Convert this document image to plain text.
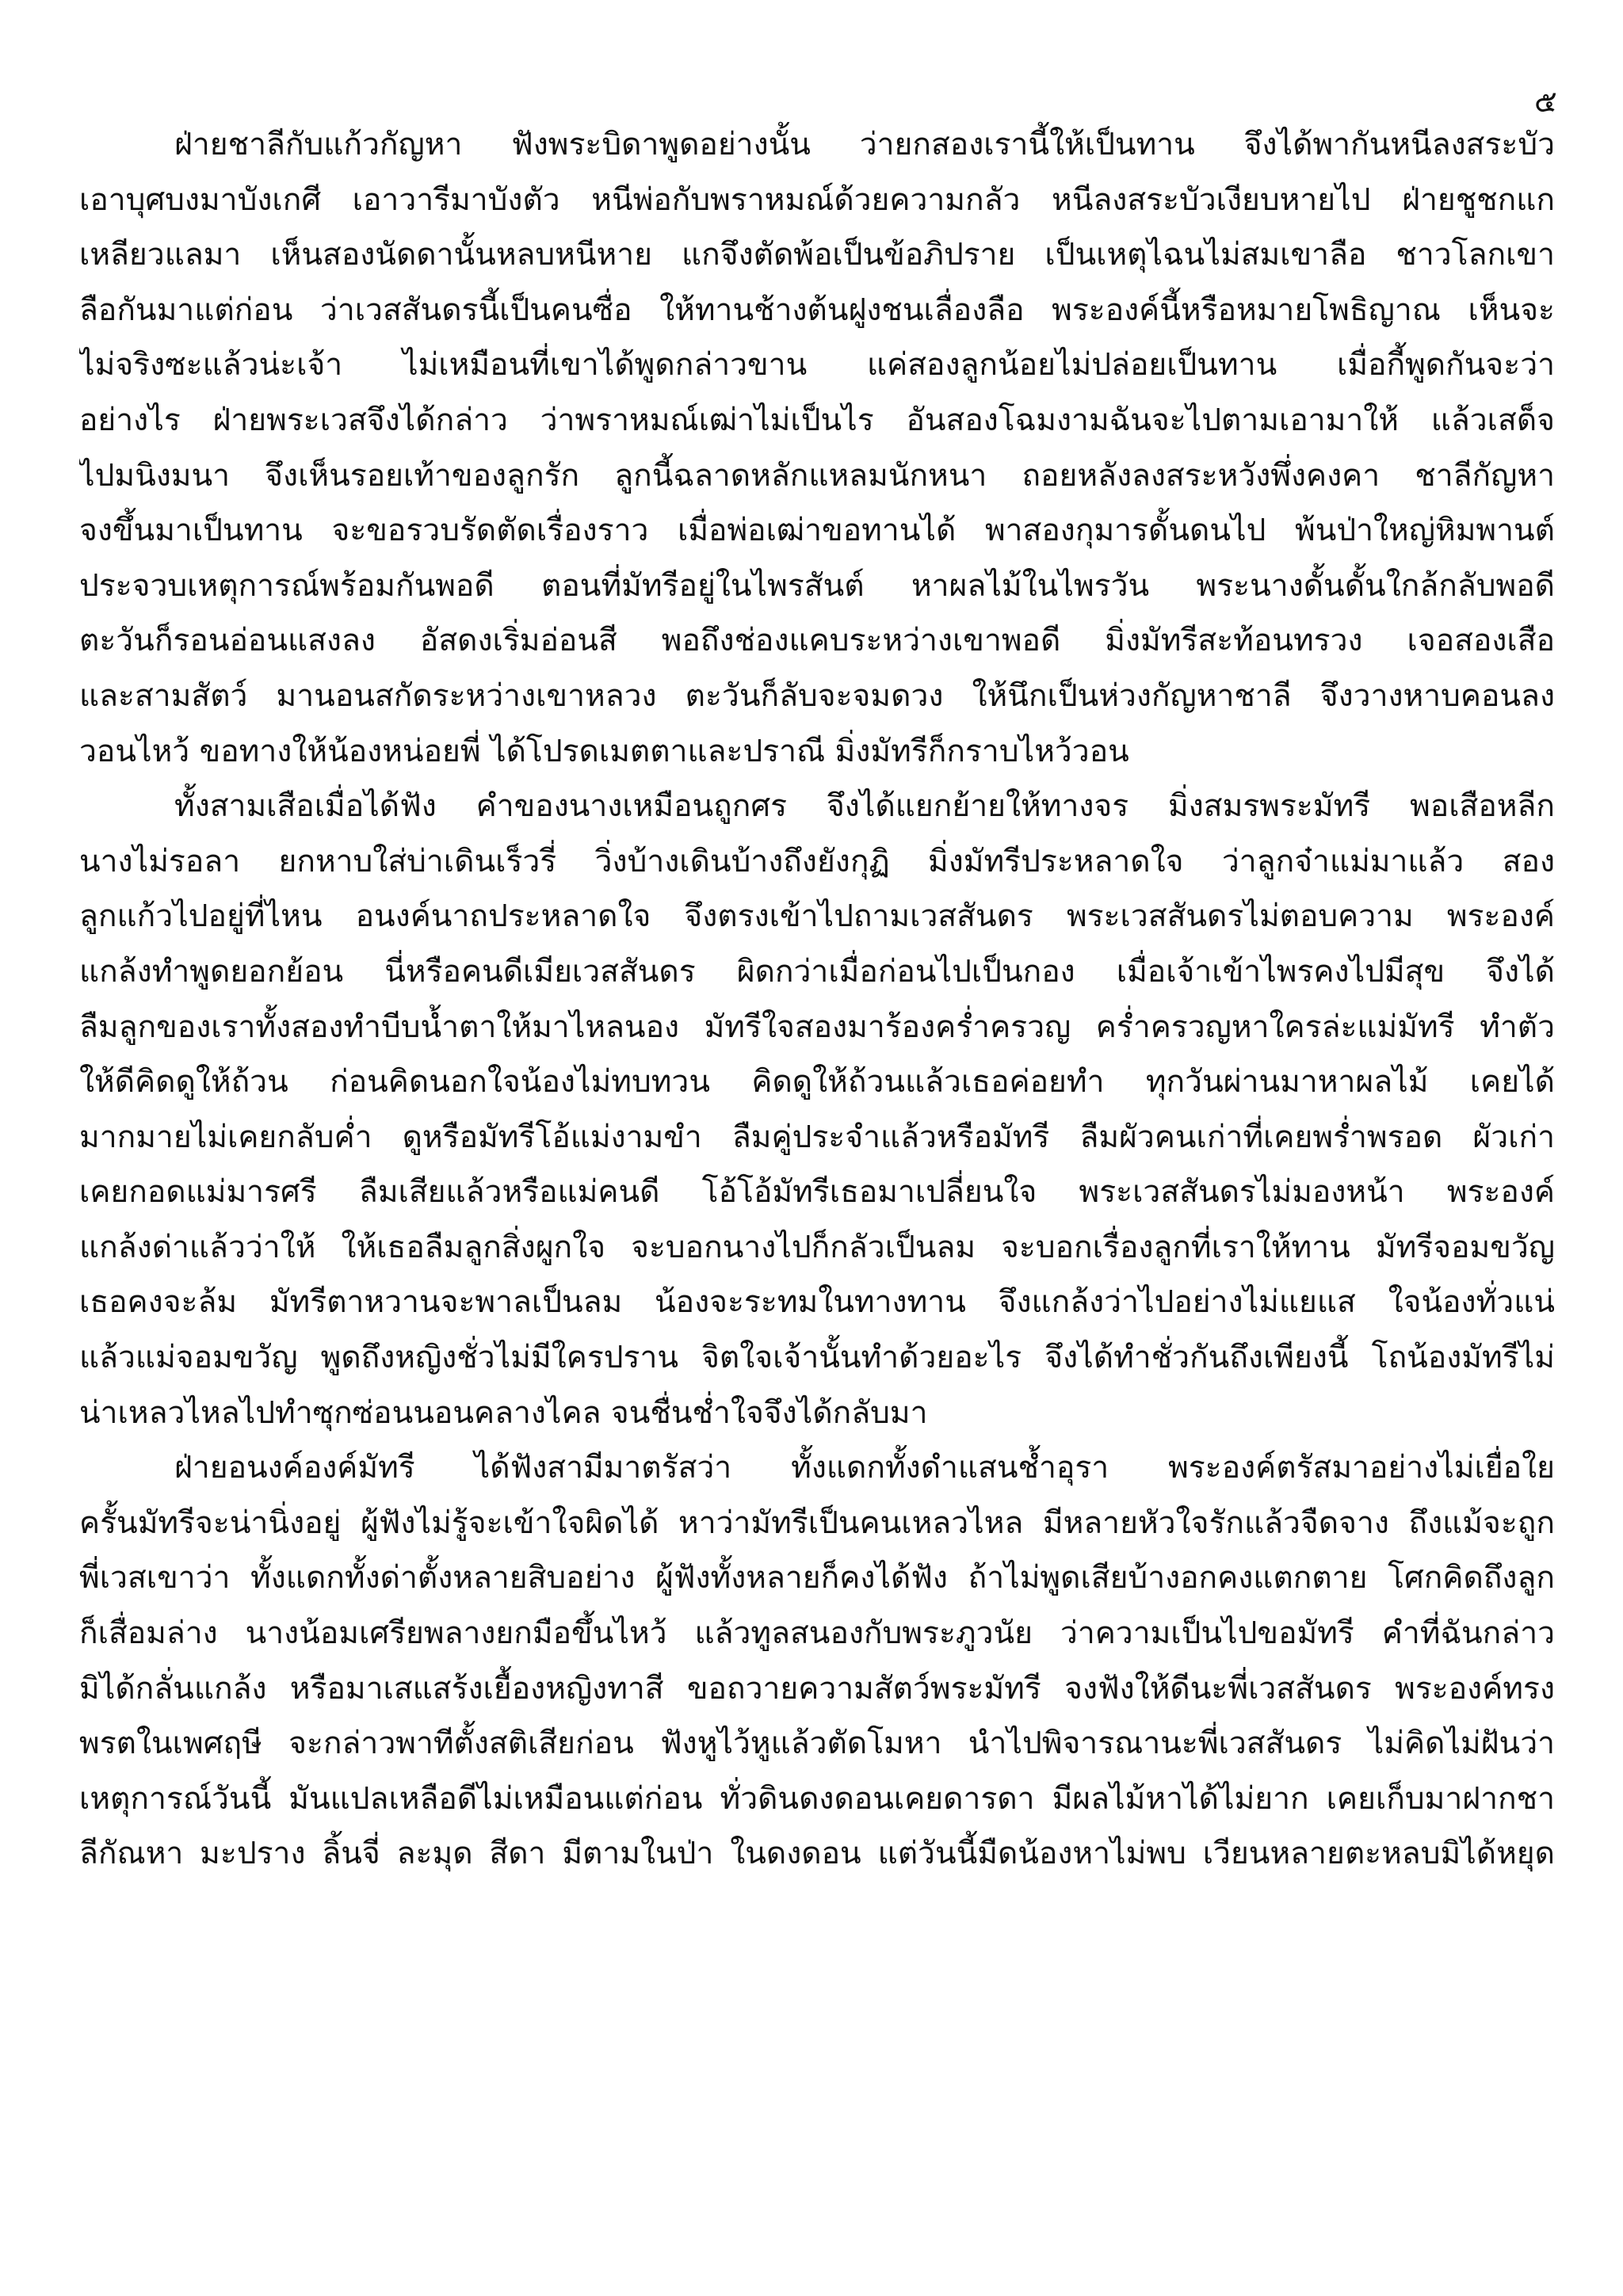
๕
ฝ่ายชาลีกับแก้วกัญหา ฟังพระบิดาพูดอย่างนั้น ว่ายกสองเรานี้ให้เป็นทาน จึงได้พากันหนีลงสระบัว
เอาบุศบงมาบังเกศี เอาวารีมาบังตัว หนีพ่อกับพราหมณ์ด้วยความกลัว หนีลงสระบัวเงียบหายไป ฝ่ายชูชกแก
เหลียวแลมา เห็นสองนัดดานั้นหลบหนีหาย แกจึงตัดพ้อเป็นข้อภิปราย เป็นเหตุไฉนไม่สมเขาลือ ชาวโลกเขา
ลือกันมาแต่ก่อน ว่าเวสสันดรนี้เป็นคนซื่อ ให้ทานช้างต้นฝูงชนเลื่องลือ พระองค์นี้หรือหมายโพธิญาณ เห็นจะ
ไม่จริงซะแล้วน่ะเจ้า ไม่เหมือนที่เขาได้พูดกล่าวขาน แค่สองลูกน้อยไม่ปล่อยเป็นทาน เมื่อกี้พูดกันจะว่า
อย่างไร ฝ่ายพระเวสจึงได้กล่าว ว่าพราหมณ์เฒ่าไม่เป็นไร อันสองโฉมงามฉันจะไปตามเอามาให้ แล้วเสด็จ
ไปมนิงมนา จึงเห็นรอยเท้าของลูกรัก ลูกนี้ฉลาดหลักแหลมนักหนา ถอยหลังลงสระหวังพึ่งคงคา ชาลีกัญหา
จงขึ้นมาเป็นทาน จะขอรวบรัดตัดเรื่องราว เมื่อพ่อเฒ่าขอทานได้ พาสองกุมารดั้นดนไป พ้นป่าใหญ่หิมพานต์
ประจวบเหตุการณ์พร้อมกันพอดี ตอนที่มัทรีอยู่ในไพรสันต์ หาผลไม้ในไพรวัน พระนางดั้นดั้นใกล้กลับพอดี
ตะวันก็รอนอ่อนแสงลง อัสดงเริ่มอ่อนสี พอถึงช่องแคบระหว่างเขาพอดี มิ่งมัทรีสะท้อนทรวง เจอสองเสือ
และสามสัตว์ มานอนสกัดระหว่างเขาหลวง ตะวันก็ลับจะจมดวง ให้นึกเป็นห่วงกัญหาชาลี จึงวางหาบคอนลง
วอนไหว้ ขอทางให้น้องหน่อยพี่ ได้โปรดเมตตาและปราณี มิ่งมัทรีก็กราบไหว้วอน
ทั้งสามเสือเมื่อได้ฟัง คำของนางเหมือนถูกศร จึงได้แยกย้ายให้ทางจร มิ่งสมรพระมัทรี พอเสือหลีก
นางไม่รอลา ยกหาบใส่บ่าเดินเร็วรี่ วิ่งบ้างเดินบ้างถึงยังกุฏิ มิ่งมัทรีประหลาดใจ ว่าลูกจ๋าแม่มาแล้ว สอง
ลูกแก้วไปอยู่ที่ไหน อนงค์นาถประหลาดใจ จึงตรงเข้าไปถามเวสสันดร พระเวสสันดรไม่ตอบความ พระองค์
แกล้งทำพูดยอกย้อน นี่หรือคนดีเมียเวสสันดร ผิดกว่าเมื่อก่อนไปเป็นกอง เมื่อเจ้าเข้าไพรคงไปมีสุข จึงได้
ลืมลูกของเราทั้งสองทำบีบน้ำตาให้มาไหลนอง มัทรีใจสองมาร้องคร่ำครวญ คร่ำครวญหาใครล่ะแม่มัทรี ทำตัว
ให้ดีคิดดูให้ถ้วน ก่อนคิดนอกใจน้องไม่ทบทวน คิดดูให้ถ้วนแล้วเธอค่อยทำ ทุกวันผ่านมาหาผลไม้ เคยได้
มากมายไม่เคยกลับค่ำ ดูหรือมัทรีโอ้แม่งามขำ ลืมคู่ประจำแล้วหรือมัทรี ลืมผัวคนเก่าที่เคยพร่ำพรอด ผัวเก่า
เคยกอดแม่มารศรี ลืมเสียแล้วหรือแม่คนดี โอ้โอ้มัทรีเธอมาเปลี่ยนใจ พระเวสสันดรไม่มองหน้า พระองค์
แกล้งด่าแล้วว่าให้ ให้เธอลืมลูกสิ่งผูกใจ จะบอกนางไปก็กลัวเป็นลม จะบอกเรื่องลูกที่เราให้ทาน มัทรีจอมขวัญ
เธอคงจะล้ม มัทรีตาหวานจะพาลเป็นลม น้องจะระทมในทางทาน จึงแกล้งว่าไปอย่างไม่แยแส ใจน้องทั่วแน่
แล้วแม่จอมขวัญ พูดถึงหญิงชั่วไม่มีใครปราน จิตใจเจ้านั้นทำด้วยอะไร จึงได้ทำชั่วกันถึงเพียงนี้ โถน้องมัทรีไม่
น่าเหลวไหลไปทำซุกซ่อนนอนคลางไคล จนชื่นช่ำใจจึงได้กลับมา
ฝ่ายอนงค์องค์มัทรี ได้ฟังสามีมาตรัสว่า ทั้งแดกทั้งดำแสนช้ำอุรา พระองค์ตรัสมาอย่างไม่เยื่อใย
ครั้นมัทรีจะน่านิ่งอยู่ ผู้ฟังไม่รู้จะเข้าใจผิดได้ หาว่ามัทรีเป็นคนเหลวไหล มีหลายหัวใจรักแล้วจืดจาง ถึงแม้จะถูก
พี่เวสเขาว่า ทั้งแดกทั้งด่าตั้งหลายสิบอย่าง ผู้ฟังทั้งหลายก็คงได้ฟัง ถ้าไม่พูดเสียบ้างอกคงแตกตาย โศกคิดถึงลูก
ก็เสื่อมล่าง นางน้อมเศรียพลางยกมือขึ้นไหว้ แล้วทูลสนองกับพระภูวนัย ว่าความเป็นไปขอมัทรี คำที่ฉันกล่าว
มิได้กลั่นแกล้ง หรือมาเสแสร้งเยื้องหญิงทาสี ขอถวายความสัตว์พระมัทรี จงฟังให้ดีนะพี่เวสสันดร พระองค์ทรง
พรตในเพศฤษี จะกล่าวพาทีตั้งสติเสียก่อน ฟังหูไว้หูแล้วตัดโมหา นำไปพิจารณานะพี่เวสสันดร ไม่คิดไม่ฝันว่า
เหตุการณ์วันนี้ มันแปลเหลือดีไม่เหมือนแต่ก่อน ทั่วดินดงดอนเคยดารดา มีผลไม้หาได้ไม่ยาก เคยเก็บมาฝากชา
ลีกัณหา มะปราง ลิ้นจี่ ละมุด สีดา มีตามในป่า ในดงดอน แต่วันนี้มืดน้องหาไม่พบ เวียนหลายตะหลบมิได้หยุด
